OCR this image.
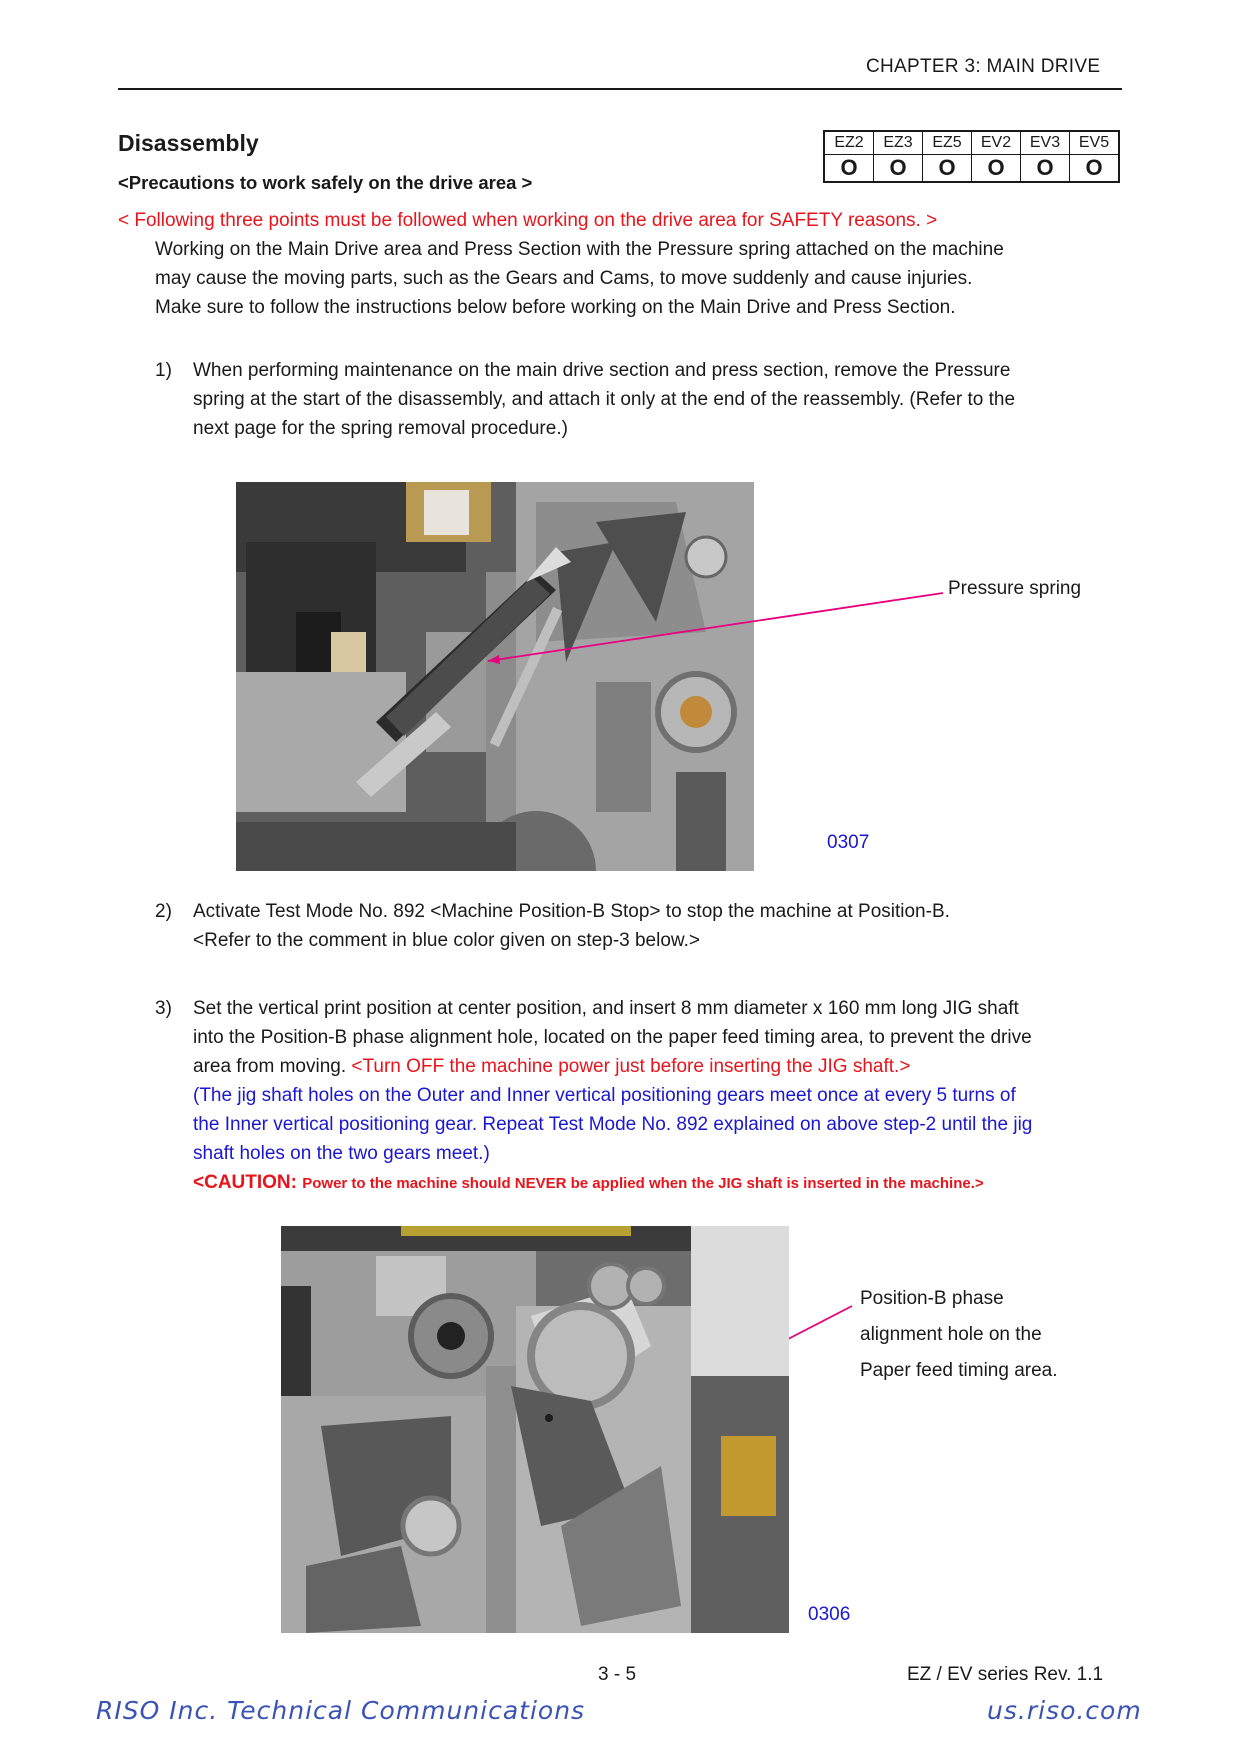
CHAPTER 3: MAIN DRIVE
Disassembly
<Precautions to work safely on the drive area >
EZ2	EZ3	EZ5	EV2	EV3	EV5
O	O	O	O	O	O
< Following three points must be followed when working on the drive area for SAFETY reasons. >
Working on the Main Drive area and Press Section with the Pressure spring attached on the machine
may cause the moving parts, such as the Gears and Cams, to move suddenly and cause injuries.
Make sure to follow the instructions below before working on the Main Drive and Press Section.
1) When performing maintenance on the main drive section and press section, remove the Pressure
spring at the start of the disassembly, and attach it only at the end of the reassembly. (Refer to the
next page for the spring removal procedure.)
Pressure spring
0307
2) Activate Test Mode No. 892 <Machine Position-B Stop> to stop the machine at Position-B.
<Refer to the comment in blue color given on step-3 below.>
3) Set the vertical print position at center position, and insert 8 mm diameter x 160 mm long JIG shaft
into the Position-B phase alignment hole, located on the paper feed timing area, to prevent the drive
area from moving. <Turn OFF the machine power just before inserting the JIG shaft.>
(The jig shaft holes on the Outer and Inner vertical positioning gears meet once at every 5 turns of
the Inner vertical positioning gear. Repeat Test Mode No. 892 explained on above step-2 until the jig
shaft holes on the two gears meet.)
<CAUTION: Power to the machine should NEVER be applied when the JIG shaft is inserted in the machine.>
Position-B phase
alignment hole on the
Paper feed timing area.
0306
3 - 5	EZ / EV series Rev. 1.1
RISO Inc. Technical Communications	us.riso.com
